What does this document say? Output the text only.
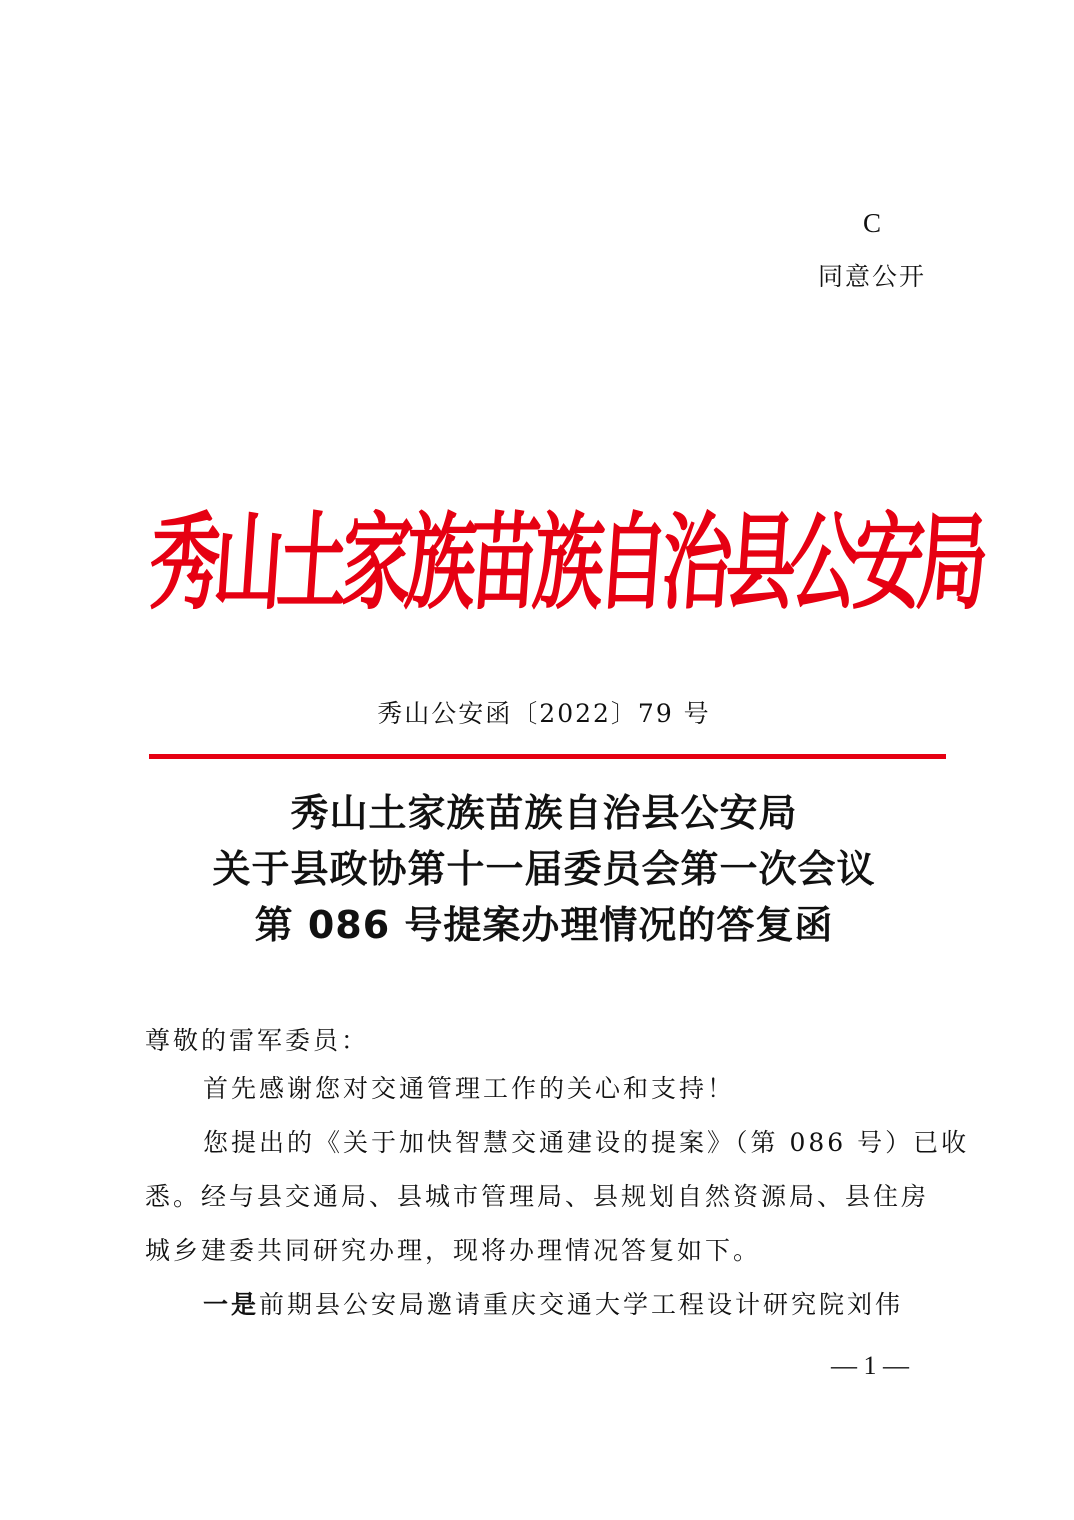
C
同意公开
秀
山
土
家
族
苗
族
自
治
县
公
安
局
秀山公安函〔2022〕79 号
秀山土家族苗族自治县公安局
关于县政协第十一届委员会第一次会议
第 086 号提案办理情况的答复函
尊敬的雷军委员：
首先感谢您对交通管理工作的关心和支持！
您提出的《关于加快智慧交通建设的提案》（第 086 号）已收
悉。经与县交通局、县城市管理局、县规划自然资源局、县住房
城乡建委共同研究办理，现将办理情况答复如下。
一是前期县公安局邀请重庆交通大学工程设计研究院刘伟
— 1 —
